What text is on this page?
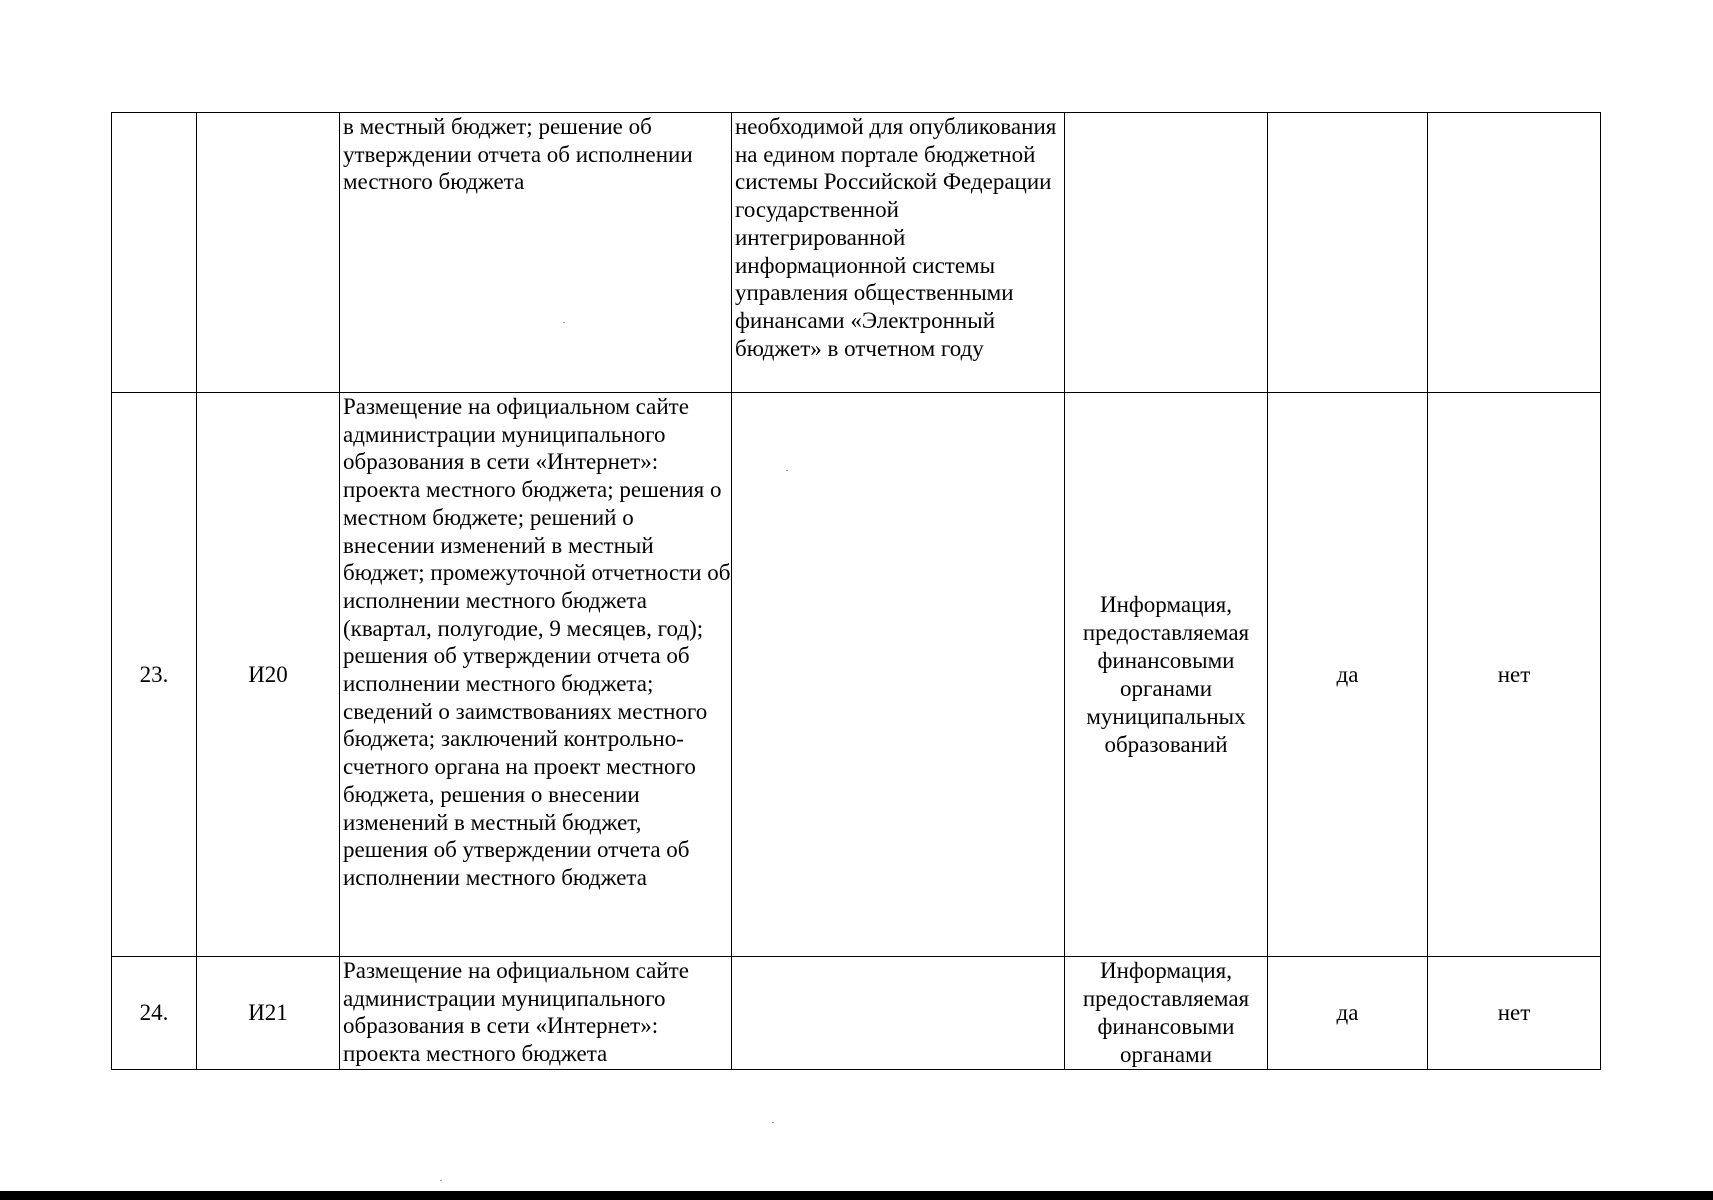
		в местный бюджет; решение об утверждении отчета об исполнении местного бюджета	необходимой для опубликования на едином портале бюджетной системы Российской Федерации государственной интегрированной информационной системы управления общественными финансами «Электронный бюджет» в отчетном году			
23.	И20	Размещение на официальном сайте администрации муниципального образования в сети «Интернет»: проекта местного бюджета; решения о местном бюджете; решений о внесении изменений в местный бюджет; промежуточной отчетности об исполнении местного бюджета (квартал, полугодие, 9 месяцев, год); решения об утверждении отчета об исполнении местного бюджета; сведений о заимствованиях местного бюджета; заключений контрольно-счетного органа на проект местного бюджета, решения о внесении изменений в местный бюджет, решения об утверждении отчета об исполнении местного бюджета		Информация, предоставляемая финансовыми органами муниципальных образований	да	нет
24.	И21	Размещение на официальном сайте администрации муниципального образования в сети «Интернет»: проекта местного бюджета		Информация, предоставляемая финансовыми органами	да	нет
